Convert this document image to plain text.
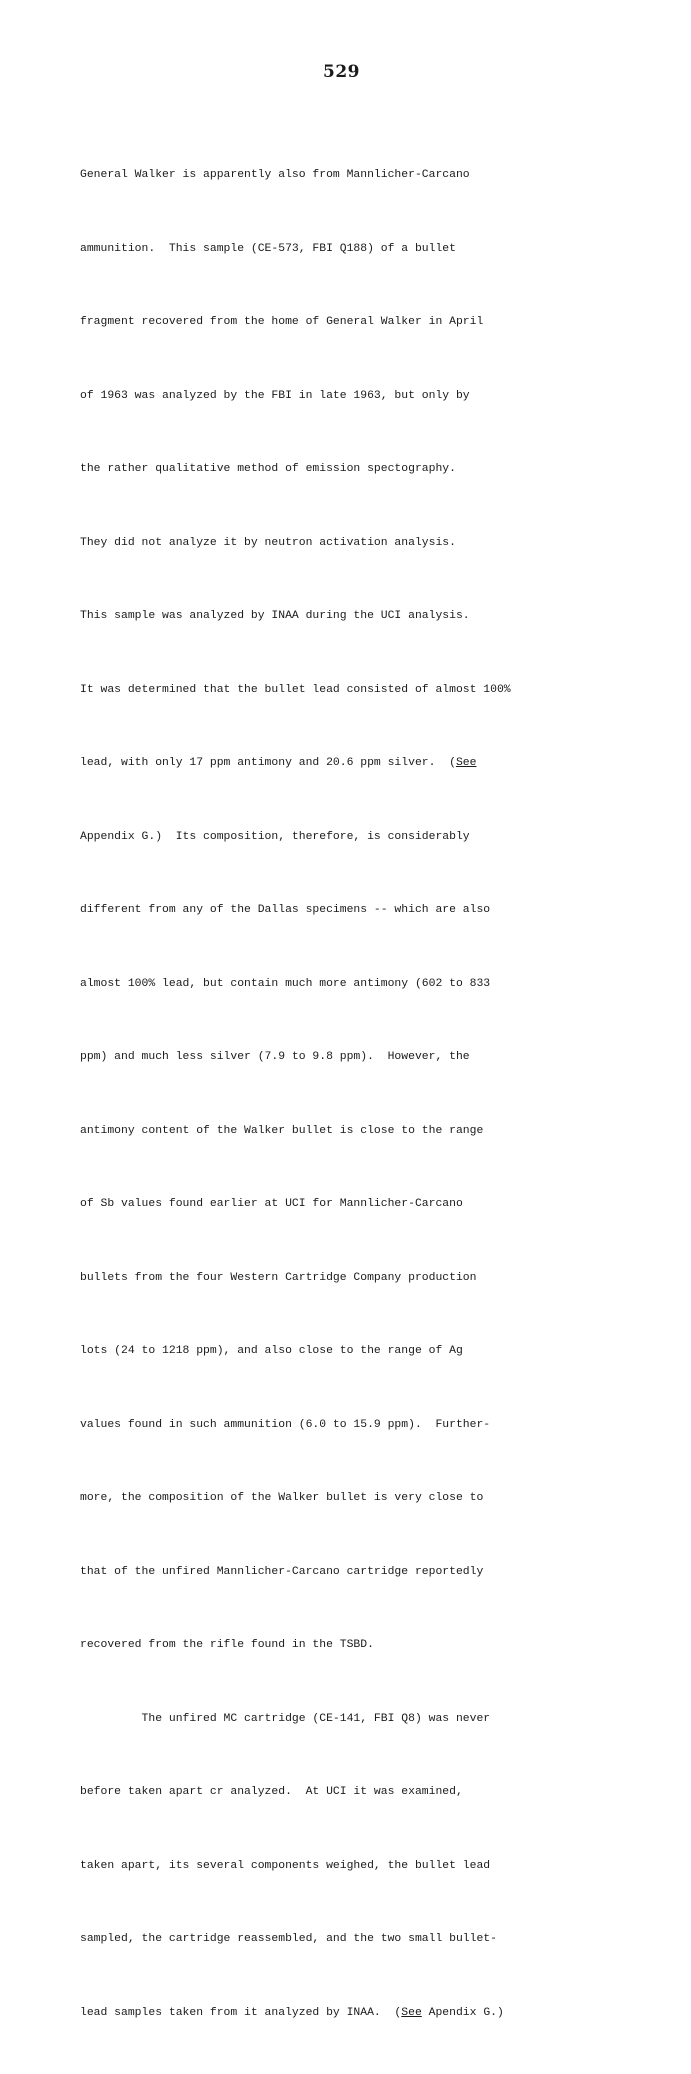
529

General Walker is apparently also from Mannlicher-Carcano

ammunition.  This sample (CE-573, FBI Q188) of a bullet

fragment recovered from the home of General Walker in April

of 1963 was analyzed by the FBI in late 1963, but only by

the rather qualitative method of emission spectography.

They did not analyze it by neutron activation analysis.

This sample was analyzed by INAA during the UCI analysis.

It was determined that the bullet lead consisted of almost 100%

lead, with only 17 ppm antimony and 20.6 ppm silver.  (See

Appendix G.)  Its composition, therefore, is considerably

different from any of the Dallas specimens -- which are also

almost 100% lead, but contain much more antimony (602 to 833

ppm) and much less silver (7.9 to 9.8 ppm).  However, the

antimony content of the Walker bullet is close to the range

of Sb values found earlier at UCI for Mannlicher-Carcano

bullets from the four Western Cartridge Company production

lots (24 to 1218 ppm), and also close to the range of Ag

values found in such ammunition (6.0 to 15.9 ppm).  Further-

more, the composition of the Walker bullet is very close to

that of the unfired Mannlicher-Carcano cartridge reportedly

recovered from the rifle found in the TSBD.

The unfired MC cartridge (CE-141, FBI Q8) was never

before taken apart cr analyzed.  At UCI it was examined,

taken apart, its several components weighed, the bullet lead

sampled, the cartridge reassembled, and the two small bullet-

lead samples taken from it analyzed by INAA.  (See Apendix G.)
